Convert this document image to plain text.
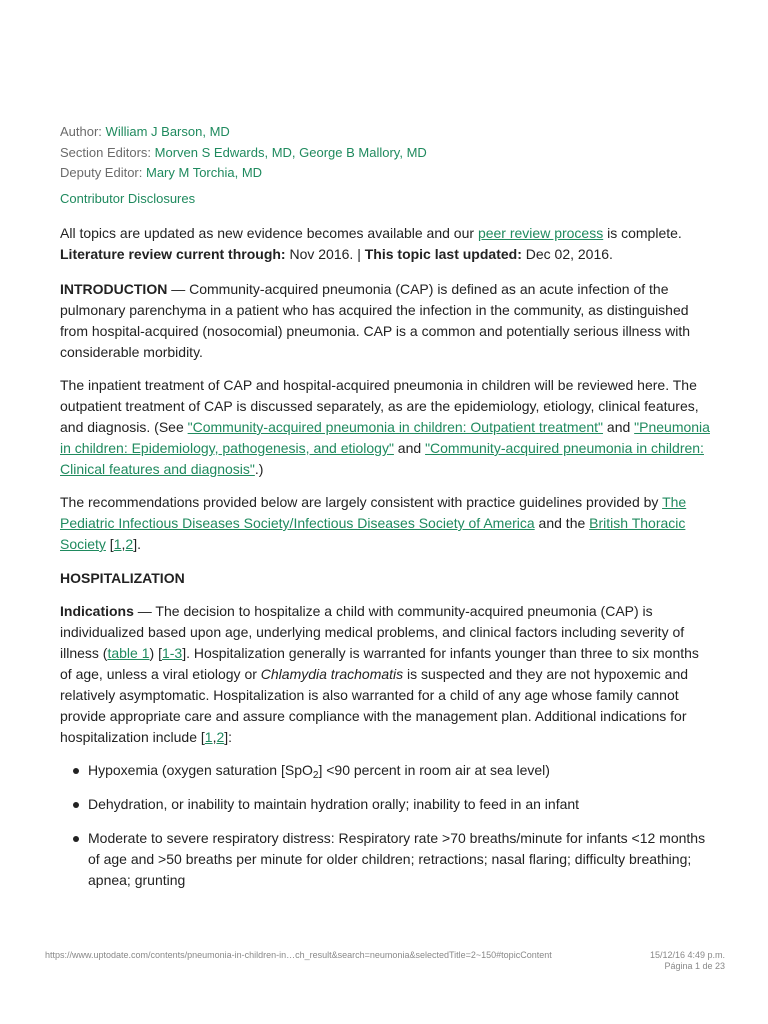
Author: William J Barson, MD
Section Editors: Morven S Edwards, MD, George B Mallory, MD
Deputy Editor: Mary M Torchia, MD
Contributor Disclosures

All topics are updated as new evidence becomes available and our peer review process is complete.
Literature review current through: Nov 2016. | This topic last updated: Dec 02, 2016.

INTRODUCTION — Community-acquired pneumonia (CAP) is defined as an acute infection of the pulmonary parenchyma in a patient who has acquired the infection in the community, as distinguished from hospital-acquired (nosocomial) pneumonia. CAP is a common and potentially serious illness with considerable morbidity.

The inpatient treatment of CAP and hospital-acquired pneumonia in children will be reviewed here. The outpatient treatment of CAP is discussed separately, as are the epidemiology, etiology, clinical features, and diagnosis. (See "Community-acquired pneumonia in children: Outpatient treatment" and "Pneumonia in children: Epidemiology, pathogenesis, and etiology" and "Community-acquired pneumonia in children: Clinical features and diagnosis".)

The recommendations provided below are largely consistent with practice guidelines provided by The Pediatric Infectious Diseases Society/Infectious Diseases Society of America and the British Thoracic Society [1,2].

HOSPITALIZATION

Indications — The decision to hospitalize a child with community-acquired pneumonia (CAP) is individualized based upon age, underlying medical problems, and clinical factors including severity of illness (table 1) [1-3]. Hospitalization generally is warranted for infants younger than three to six months of age, unless a viral etiology or Chlamydia trachomatis is suspected and they are not hypoxemic and relatively asymptomatic. Hospitalization is also warranted for a child of any age whose family cannot provide appropriate care and assure compliance with the management plan. Additional indications for hospitalization include [1,2]:

Hypoxemia (oxygen saturation [SpO$_2$] <90 percent in room air at sea level)
Dehydration, or inability to maintain hydration orally; inability to feed in an infant
Moderate to severe respiratory distress: Respiratory rate >70 breaths/minute for infants <12 months of age and >50 breaths per minute for older children; retractions; nasal flaring; difficulty breathing; apnea; grunting
https://www.uptodate.com/contents/pneumonia-in-children-in…ch_result&search=neumonia&selectedTitle=2~150#topicContent	15/12/16 4:49 p.m.
Página 1 de 23
